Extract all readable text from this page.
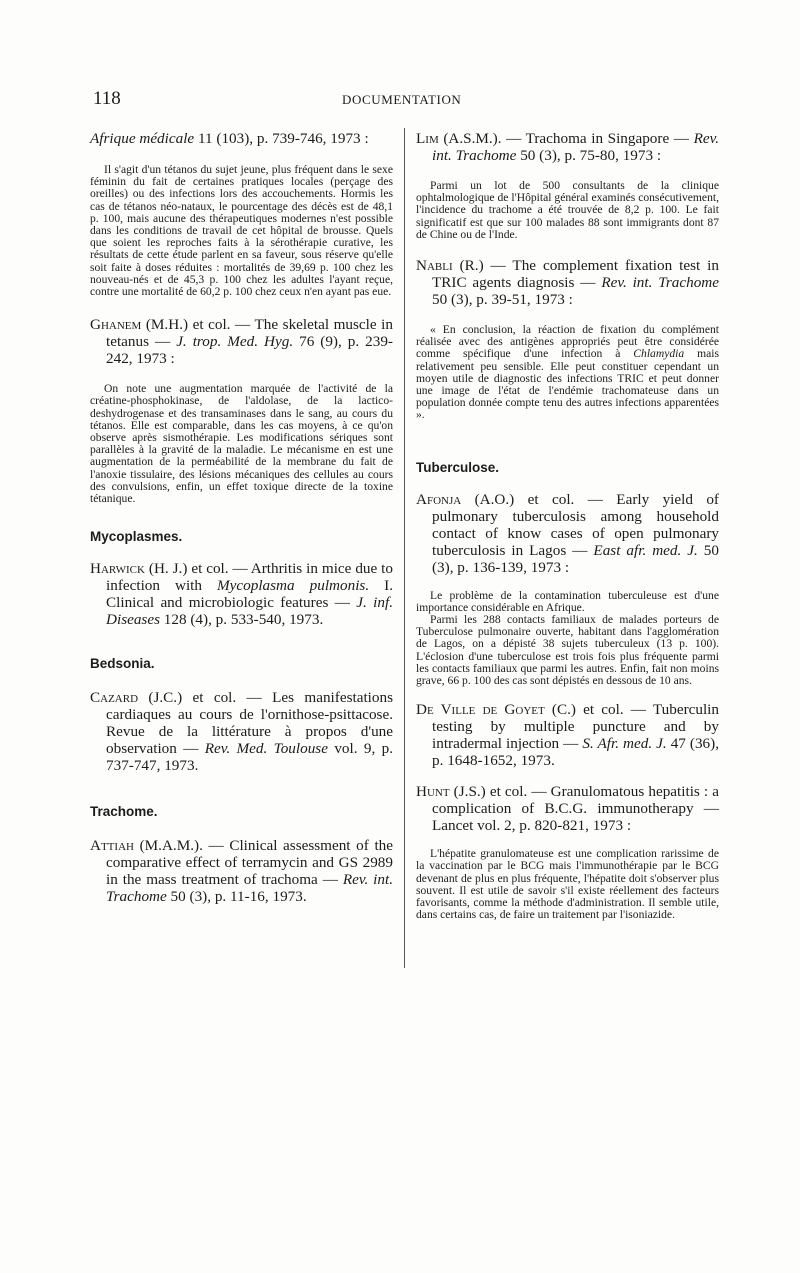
118	DOCUMENTATION

Afrique médicale 11 (103), p. 739-746, 1973 :

Il s'agit d'un tétanos du sujet jeune, plus fréquent dans le sexe féminin du fait de certaines pratiques locales (perçage des oreilles) ou des infections lors des accouchements. Hormis les cas de tétanos néo-nataux, le pourcentage des décès est de 48,1 p. 100, mais aucune des thérapeutiques modernes n'est possible dans les conditions de travail de cet hôpital de brousse. Quels que soient les reproches faits à la sérothérapie curative, les résultats de cette étude parlent en sa faveur, sous réserve qu'elle soit faite à doses réduites : mortalités de 39,69 p. 100 chez les nouveau-nés et de 45,3 p. 100 chez les adultes l'ayant reçue, contre une mortalité de 60,2 p. 100 chez ceux n'en ayant pas eue.

Ghanem (M.H.) et col. — The skeletal muscle in tetanus — J. trop. Med. Hyg. 76 (9), p. 239-242, 1973 :

On note une augmentation marquée de l'activité de la créatine-phosphokinase, de l'aldolase, de la lactico-deshydrogenase et des transaminases dans le sang, au cours du tétanos. Elle est comparable, dans les cas moyens, à ce qu'on observe après sismothérapie. Les modifications sériques sont parallèles à la gravité de la maladie. Le mécanisme en est une augmentation de la perméabilité de la membrane du fait de l'anoxie tissulaire, des lésions mécaniques des cellules au cours des convulsions, enfin, un effet toxique directe de la toxine tétanique.

Mycoplasmes.

Harwick (H. J.) et col. — Arthritis in mice due to infection with Mycoplasma pulmonis. I. Clinical and microbiologic features — J. inf. Diseases 128 (4), p. 533-540, 1973.

Bedsonia.

Cazard (J.C.) et col. — Les manifestations cardiaques au cours de l'ornithose-psittacose. Revue de la littérature à propos d'une observation — Rev. Med. Toulouse vol. 9, p. 737-747, 1973.

Trachome.

Attiah (M.A.M.). — Clinical assessment of the comparative effect of terramycin and GS 2989 in the mass treatment of trachoma — Rev. int. Trachome 50 (3), p. 11-16, 1973.

Lim (A.S.M.). — Trachoma in Singapore — Rev. int. Trachome 50 (3), p. 75-80, 1973 :

Parmi un lot de 500 consultants de la clinique ophtalmologique de l'Hôpital général examinés consécutivement, l'incidence du trachome a été trouvée de 8,2 p. 100. Le fait significatif est que sur 100 malades 88 sont immigrants dont 87 de Chine ou de l'Inde.

Nabli (R.) — The complement fixation test in TRIC agents diagnosis — Rev. int. Trachome 50 (3), p. 39-51, 1973 :

« En conclusion, la réaction de fixation du complément réalisée avec des antigènes appropriés peut être considérée comme spécifique d'une infection à Chlamydia mais relativement peu sensible. Elle peut constituer cependant un moyen utile de diagnostic des infections TRIC et peut donner une image de l'état de l'endémie trachomateuse dans un population donnée compte tenu des autres infections apparentées ».

Tuberculose.

Afonja (A.O.) et col. — Early yield of pulmonary tuberculosis among household contact of know cases of open pulmonary tuberculosis in Lagos — East afr. med. J. 50 (3), p. 136-139, 1973 :

Le problème de la contamination tuberculeuse est d'une importance considérable en Afrique.

Parmi les 288 contacts familiaux de malades porteurs de Tuberculose pulmonaire ouverte, habitant dans l'agglomération de Lagos, on a dépisté 38 sujets tuberculeux (13 p. 100). L'éclosion d'une tuberculose est trois fois plus fréquente parmi les contacts familiaux que parmi les autres. Enfin, fait non moins grave, 66 p. 100 des cas sont dépistés en dessous de 10 ans.

De Ville de Goyet (C.) et col. — Tuberculin testing by multiple puncture and by intradermal injection — S. Afr. med. J. 47 (36), p. 1648-1652, 1973.

Hunt (J.S.) et col. — Granulomatous hepatitis : a complication of B.C.G. immunotherapy — Lancet vol. 2, p. 820-821, 1973 :

L'hépatite granulomateuse est une complication rarissime de la vaccination par le BCG mais l'immunothérapie par le BCG devenant de plus en plus fréquente, l'hépatite doit s'observer plus souvent. Il est utile de savoir s'il existe réellement des facteurs favorisants, comme la méthode d'administration. Il semble utile, dans certains cas, de faire un traitement par l'isoniazide.
